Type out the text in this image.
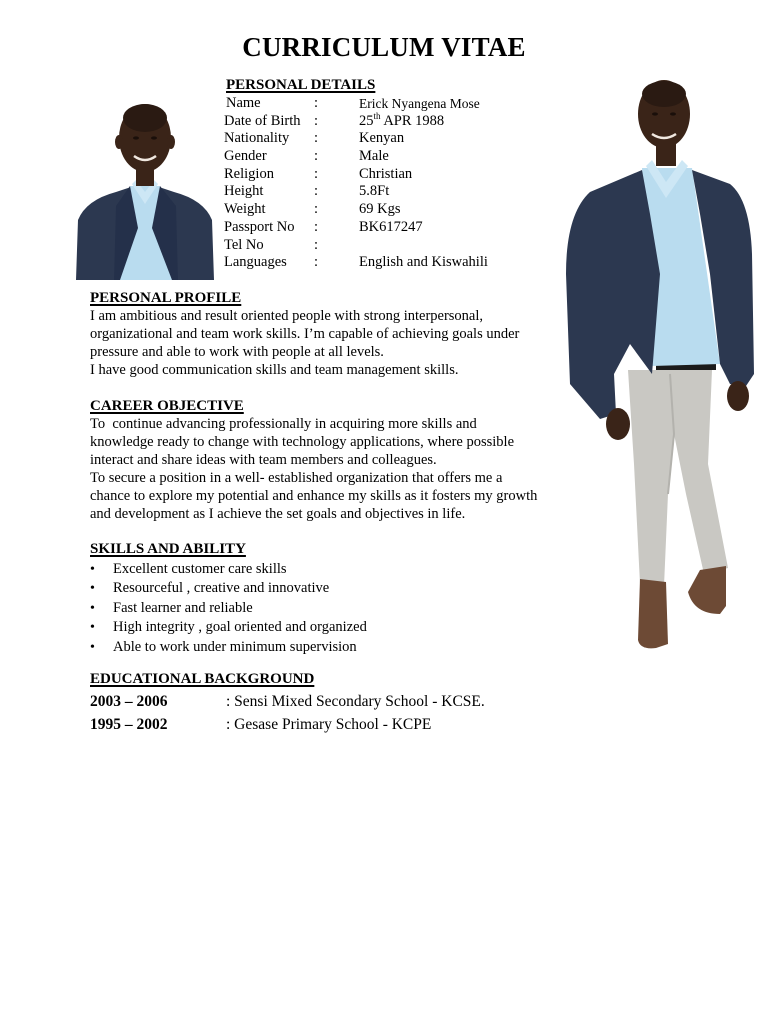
CURRICULUM VITAE
PERSONAL DETAILS
Name	:	Erick Nyangena Mose
Date of Birth :	25th APR 1988
Nationality :	Kenyan
Gender	:	Male
Religion	:	Christian
Height	:	5.8Ft
Weight	:	69 Kgs
Passport No :	BK617247
Tel No	:
Languages :	English and Kiswahili
PERSONAL PROFILE
I am ambitious and result oriented people with strong interpersonal,
organizational and team work skills. I’m capable of achieving goals under
pressure and able to work with people at all levels.
I have good communication skills and team management skills.
CAREER OBJECTIVE
To  continue advancing professionally in acquiring more skills and
knowledge ready to change with technology applications, where possible
interact and share ideas with team members and colleagues.
To secure a position in a well- established organization that offers me a
chance to explore my potential and enhance my skills as it fosters my growth
and development as I achieve the set goals and objectives in life.
SKILLS AND ABILITY
• Excellent customer care skills
• Resourceful , creative and innovative
• Fast learner and reliable
• High integrity , goal oriented and organized
• Able to work under minimum supervision
EDUCATIONAL BACKGROUND
2003 – 2006	: Sensi Mixed Secondary School - KCSE.
1995 – 2002	: Gesase Primary School - KCPE
